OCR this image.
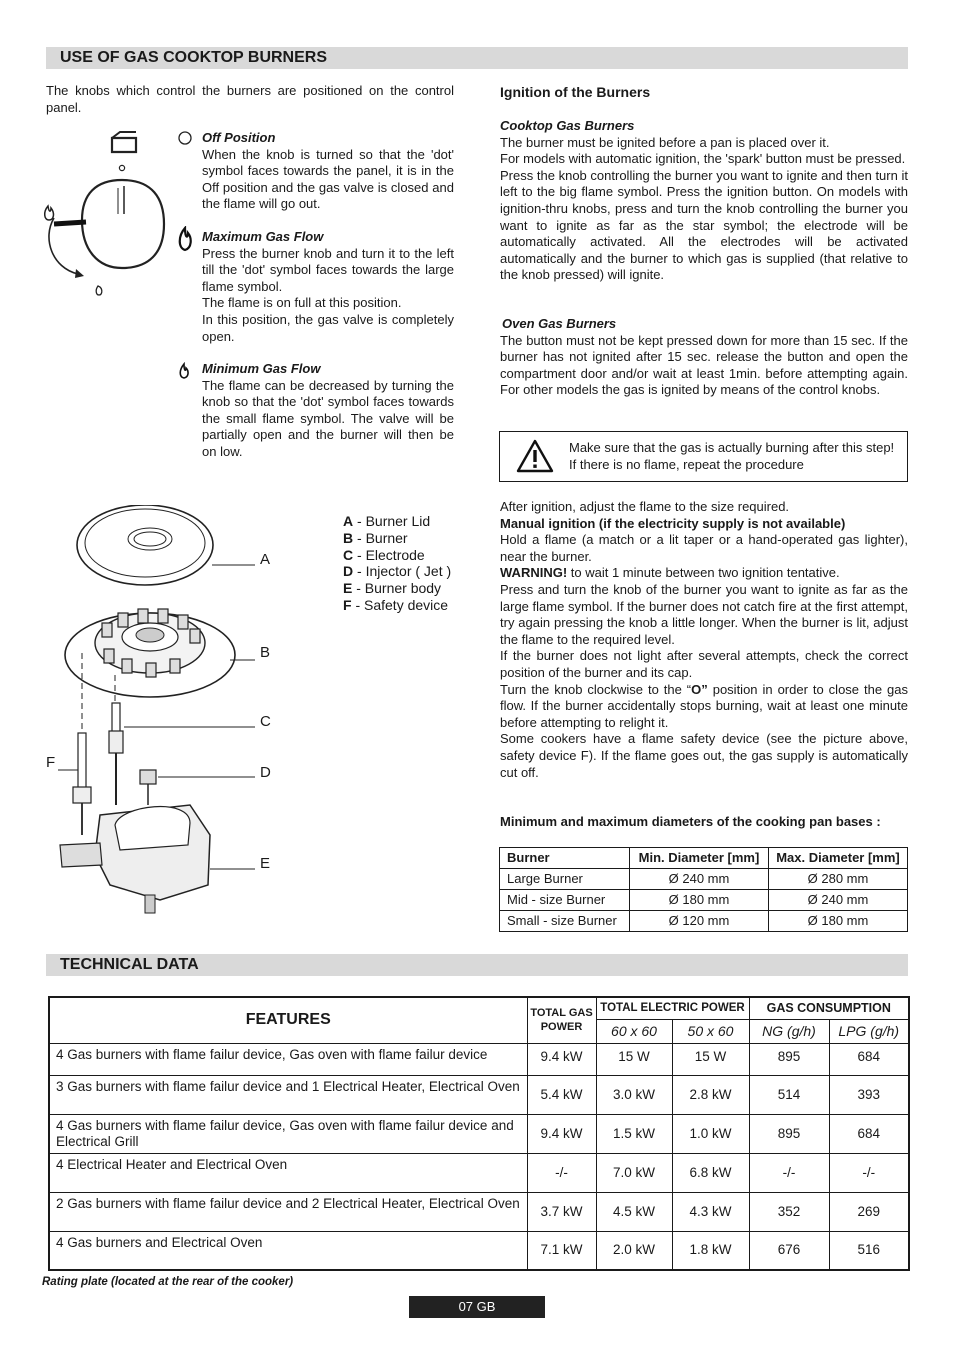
USE OF GAS COOKTOP BURNERS
The knobs which control the burners are positioned on the control panel.
Off Position
When the knob is turned so that the 'dot' symbol faces towards the panel, it is in the Off position and the gas valve is closed and the flame will go out.
Maximum Gas Flow
Press the burner knob and turn it to the left till the 'dot' symbol faces towards the large flame symbol.
The flame is on full at this position.
In this position, the gas valve is completely open.
Minimum Gas Flow
The flame can be decreased by turning the knob so that the 'dot' symbol faces towards the small flame symbol. The valve will be partially open and the burner will then be on low.
A
B
C
D
E
F
A - Burner Lid
B - Burner
C - Electrode
D - Injector ( Jet )
E - Burner body
F - Safety device
Ignition of the Burners
Cooktop Gas Burners
The burner must be ignited before a pan is placed over it.
For models with automatic ignition, the 'spark' button must be pressed.
Press the knob controlling the burner you want to ignite and then turn it left to the big flame symbol. Press the ignition button. On models with ignition-thru knobs, press and turn the knob controlling the burner you want to ignite as far as the star symbol; the electrode will be automatically activated. All the electrodes will be activated automatically and the burner to which gas is supplied (that relative to the knob pressed) will ignite.
Oven Gas Burners
The button must not be kept pressed down for more than 15 sec. If the burner has not ignited after 15 sec. release the button and open the compartment door and/or wait at least 1min. before attempting again. For other models the gas is ignited by means of the control knobs.
Make sure that the gas is actually burning after this step! If there is no flame, repeat the procedure
After ignition, adjust the flame to the size required.
Manual ignition (if the electricity supply is not available)
Hold a flame (a match or a lit taper or a hand-operated gas lighter), near the burner.
WARNING! to wait 1 minute between two ignition tentative.
Press and turn the knob of the burner you want to ignite as far as the large flame symbol. If the burner does not catch fire at the first attempt, try again pressing the knob a little longer. When the burner is lit, adjust the flame to the required level.
If the burner does not light after several attempts, check the correct position of the burner and its cap.
Turn the knob clockwise to the “O” position in order to close the gas flow. If the burner accidentally stops burning, wait at least one minute before attempting to relight it.
Some cookers have a flame safety device (see the picture above, safety device F). If the flame goes out, the gas supply is automatically cut off.
Minimum and maximum diameters of the cooking pan bases :
Burner	Min. Diameter [mm]	Max. Diameter [mm]
Large Burner	Ø 240 mm	Ø 280 mm
Mid - size Burner	Ø 180 mm	Ø 240 mm
Small - size Burner	Ø 120 mm	Ø 180 mm
TECHNICAL DATA
FEATURES	TOTAL GAS POWER	TOTAL ELECTRIC POWER		GAS CONSUMPTION	
		60 x 60	50 x 60	NG (g/h)	LPG (g/h)
4 Gas burners with flame failur device, Gas oven with flame failur device	9.4 kW	15 W	15 W	895	684
3 Gas burners with flame failur device and 1 Electrical Heater, Electrical Oven	5.4 kW	3.0 kW	2.8 kW	514	393
4 Gas burners with flame failur device, Gas oven with flame failur device and Electrical Grill	9.4 kW	1.5 kW	1.0 kW	895	684
4 Electrical Heater and Electrical Oven	-/-	7.0 kW	6.8 kW	-/-	-/-
2 Gas burners with flame failur device and 2 Electrical Heater, Electrical Oven	3.7 kW	4.5 kW	4.3 kW	352	269
4 Gas burners and Electrical Oven	7.1 kW	2.0 kW	1.8 kW	676	516
Rating plate (located at the rear of the cooker)
07 GB
